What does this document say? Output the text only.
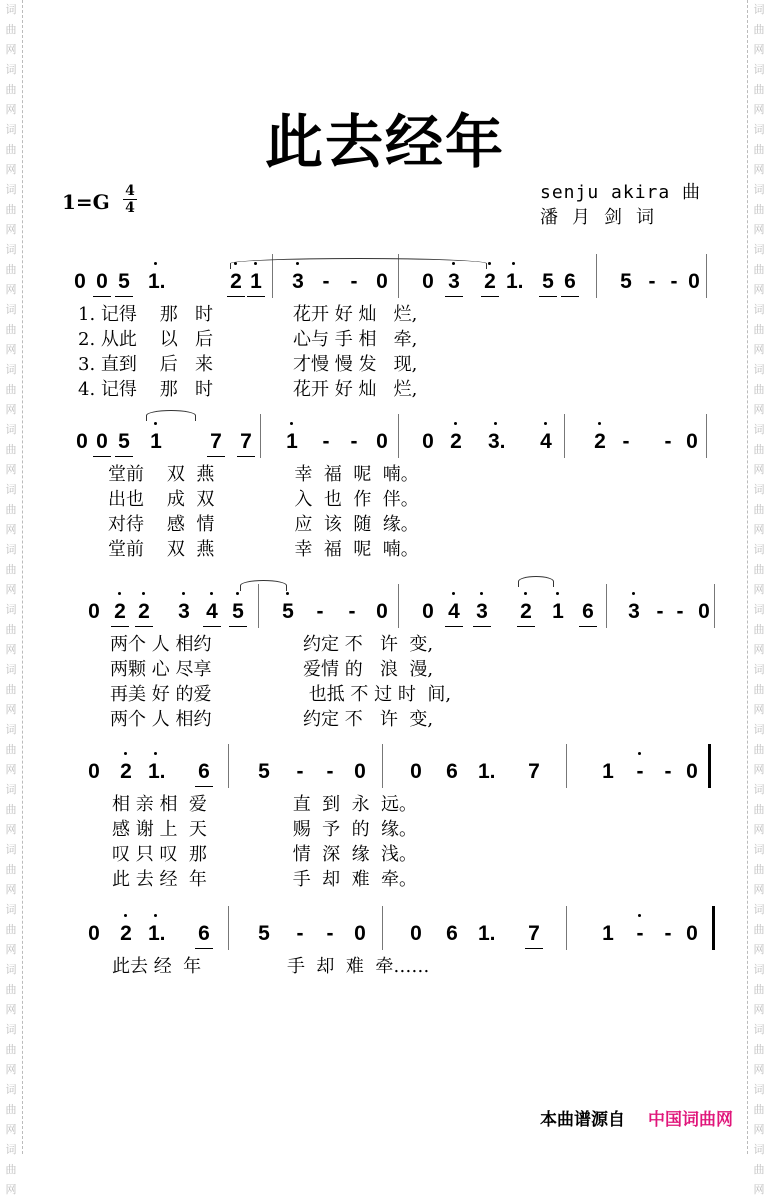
词
曲
网
词
曲
网
词
曲
网
词
曲
网
词
曲
网
词
曲
网
词
曲
网
词
曲
网
词
曲
网
词
曲
网
词
曲
网
词
曲
网
词
曲
网
词
曲
网
词
曲
网
词
曲
网
词
曲
网
词
曲
网
词
曲
网
词
曲
网
词
曲
网
词
曲
网
词
曲
网
词
曲
网
词
曲
网
词
曲
网
词
曲
网
词
曲
网
词
曲
网
词
曲
网
词
曲
网
词
曲
网
词
曲
网
词
曲
网
词
曲
网
词
曲
网
词
曲
网
词
曲
网
词
曲
网
词
曲
网
此去经年
1=G 4
4
senju akira 曲
潘月剑词
0 0 5 1.	2 1 3 - - 0 0 3 2 1. 5 6 5 - - 0
1. 记得    那   时              花开 好 灿   烂,
2. 从此    以   后              心与 手 相   牵,
3. 直到    后   来              才慢 慢 发   现,
4. 记得    那   时              花开 好 灿   烂,
0 0 5 1 7 7 1 - - 0 0 2 3. 4 2 - - 0
堂前    双  燕              幸  福  呢  喃。
出也    成  双              入  也  作  伴。
对待    感  情              应  该  随  缘。
堂前    双  燕              幸  福  呢  喃。
0 2 2 3 4 5 5 - - 0 0 4 3 2 1 6 3 - - 0
两个 人 相约                约定 不   许  变,
两颗 心 尽享                爱情 的   浪  漫,
再美 好 的爱                 也抵 不 过 时  间,
两个 人 相约                约定 不   许  变,
0 2 1. 6 5 - - 0 0 6 1. 7	1 - - 0
相 亲 相  爱               直  到  永  远。
感 谢 上  天               赐  予  的  缘。
叹 只 叹  那               情  深  缘  浅。
此 去 经  年               手  却  难  牵。
0 2 1. 6 5 - - 0 0 6 1. 7	1 - - 0
此去 经  年               手  却  难  牵……
本曲谱源自 中国词曲网
